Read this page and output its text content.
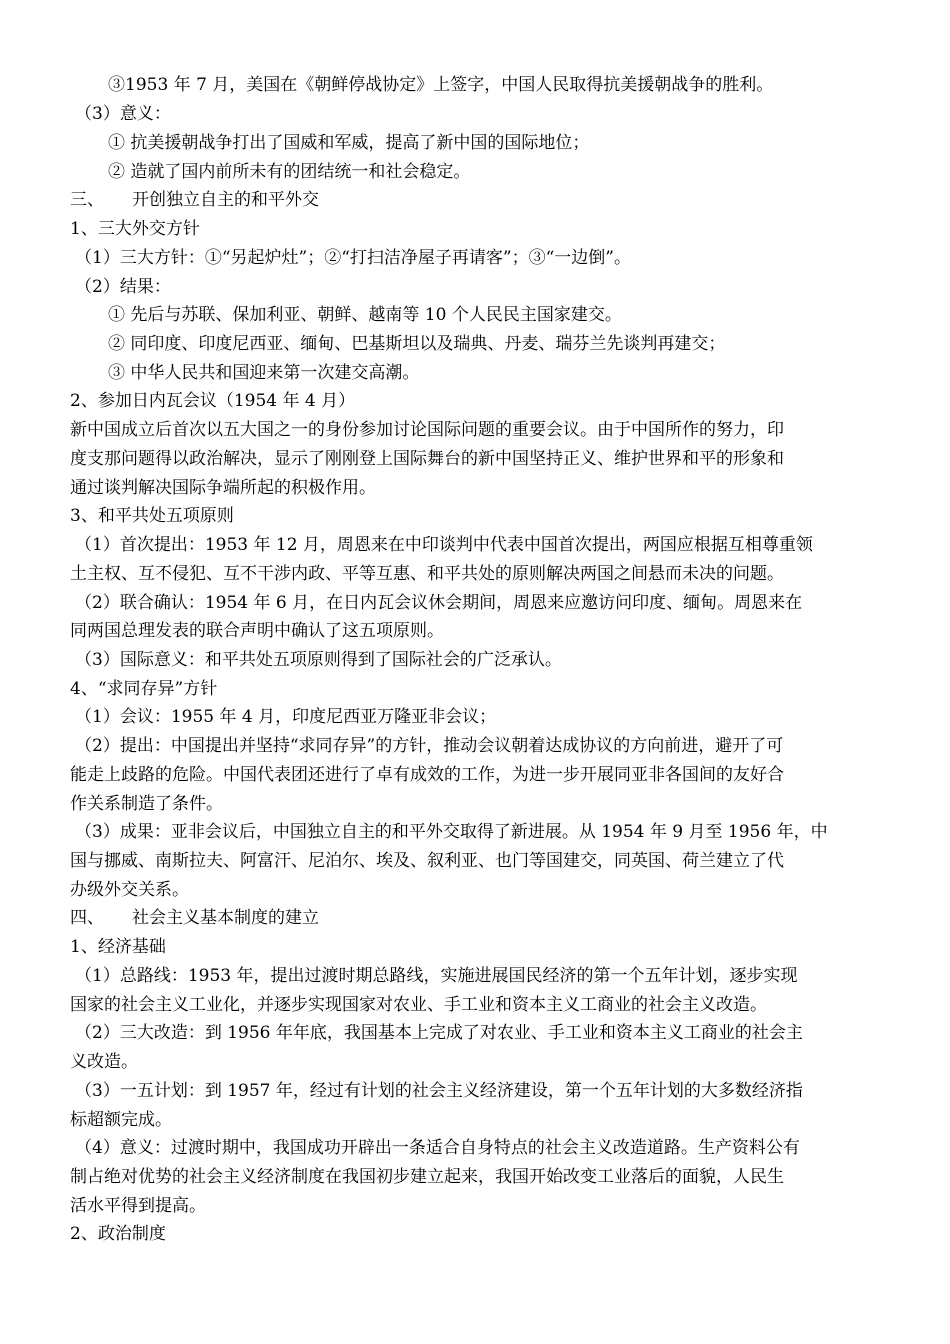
③1953 年 7 月，美国在《朝鲜停战协定》上签字，中国人民取得抗美援朝战争的胜利。
（3）意义：
① 抗美援朝战争打出了国威和军威，提高了新中国的国际地位；
② 造就了国内前所未有的团结统一和社会稳定。
三、 开创独立自主的和平外交
1、三大外交方针
（1）三大方针：①“另起炉灶”；②“打扫洁净屋子再请客”；③“一边倒”。
（2）结果：
① 先后与苏联、保加利亚、朝鲜、越南等 10 个人民民主国家建交。
② 同印度、印度尼西亚、缅甸、巴基斯坦以及瑞典、丹麦、瑞芬兰先谈判再建交；
③ 中华人民共和国迎来第一次建交高潮。
2、参加日内瓦会议（1954 年 4 月）
新中国成立后首次以五大国之一的身份参加讨论国际问题的重要会议。由于中国所作的努力，印
度支那问题得以政治解决，显示了刚刚登上国际舞台的新中国坚持正义、维护世界和平的形象和
通过谈判解决国际争端所起的积极作用。
3、和平共处五项原则
（1）首次提出：1953 年 12 月，周恩来在中印谈判中代表中国首次提出，两国应根据互相尊重领
土主权、互不侵犯、互不干涉内政、平等互惠、和平共处的原则解决两国之间悬而未决的问题。
（2）联合确认：1954 年 6 月，在日内瓦会议休会期间，周恩来应邀访问印度、缅甸。周恩来在
同两国总理发表的联合声明中确认了这五项原则。
（3）国际意义：和平共处五项原则得到了国际社会的广泛承认。
4、“求同存异”方针
（1）会议：1955 年 4 月，印度尼西亚万隆亚非会议；
（2）提出：中国提出并坚持“求同存异”的方针，推动会议朝着达成协议的方向前进，避开了可
能走上歧路的危险。中国代表团还进行了卓有成效的工作，为进一步开展同亚非各国间的友好合
作关系制造了条件。
（3）成果：亚非会议后，中国独立自主的和平外交取得了新进展。从 1954 年 9 月至 1956 年，中
国与挪威、南斯拉夫、阿富汗、尼泊尔、埃及、叙利亚、也门等国建交，同英国、荷兰建立了代
办级外交关系。
四、 社会主义基本制度的建立
1、经济基础
（1）总路线：1953 年，提出过渡时期总路线，实施进展国民经济的第一个五年计划，逐步实现
国家的社会主义工业化，并逐步实现国家对农业、手工业和资本主义工商业的社会主义改造。
（2）三大改造：到 1956 年年底，我国基本上完成了对农业、手工业和资本主义工商业的社会主
义改造。
（3）一五计划：到 1957 年，经过有计划的社会主义经济建设，第一个五年计划的大多数经济指
标超额完成。
（4）意义：过渡时期中，我国成功开辟出一条适合自身特点的社会主义改造道路。生产资料公有
制占绝对优势的社会主义经济制度在我国初步建立起来，我国开始改变工业落后的面貌，人民生
活水平得到提高。
2、政治制度
